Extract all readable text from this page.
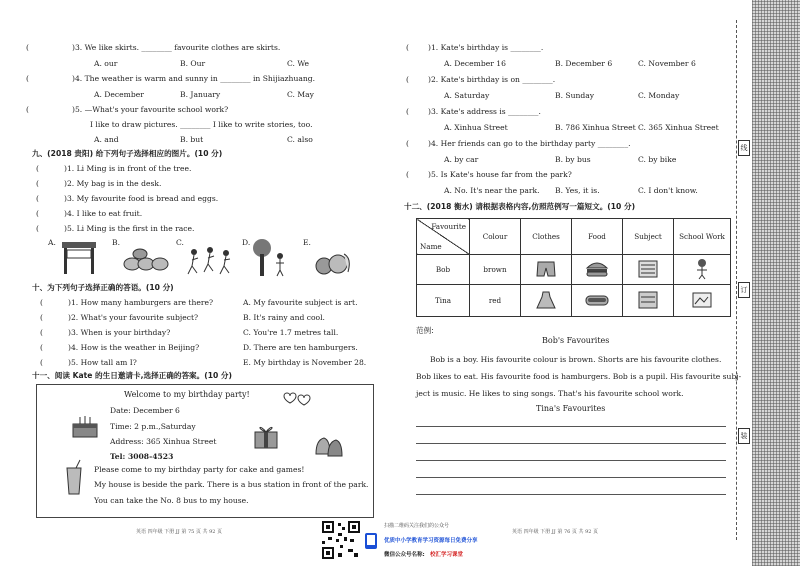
(	)3. We like skirts. ________ favourite clothes are skirts.
A. our	B. Our	C. We
(	)4. The weather is warm and sunny in ________ in Shijiazhuang.
A. December	B. January	C. May
(	)5. —What's your favourite school work?
I like to draw pictures. ________ I like to write stories, too.
A. and	B. but	C. also
九、(2018 贵阳) 给下列句子选择相应的图片。(10 分)
(	)1. Li Ming is in front of the tree.
(	)2. My bag is in the desk.
(	)3. My favourite food is bread and eggs.
(	)4. I like to eat fruit.
(	)5. Li Ming is the first in the race.
A.	B.	C.	D.	E.
十、为下列句子选择正确的答语。(10 分)
(	)1. How many hamburgers are there?	A. My favourite subject is art.
(	)2. What's your favourite subject?	B. It's rainy and cool.
(	)3. When is your birthday?	C. You're 1.7 metres tall.
(	)4. How is the weather in Beijing?	D. There are ten hamburgers.
(	)5. How tall am I?	E. My birthday is November 28.
十一、阅读 Kate 的生日邀请卡,选择正确的答案。(10 分)
Welcome to my birthday party!
Date: December 6
Time: 2 p.m.,Saturday
Address: 365 Xinhua Street
Tel: 3008-4523
Please come to my birthday party for cake and games!
My house is beside the park. There is a bus station in front of the park.
You can take the No. 8 bus to my house.
英语 四年级 下册 JJ 第 75 页 共 92 页
扫描二维码关注我们的公众号
优质中小学教育学习资源每日免费分享
微信公众号名称: 校汇学习课堂
(	)1. Kate's birthday is ________.
A. December 16	B. December 6	C. November 6
(	)2. Kate's birthday is on ________.
A. Saturday	B. Sunday	C. Monday
(	)3. Kate's address is ________.
A. Xinhua Street	B. 786 Xinhua Street C. 365 Xinhua Street
(	)4. Her friends can go to the birthday party ________.
A. by car	B. by bus	C. by bike
(	)5. Is Kate's house far from the park?
A. No. It's near the park. B. Yes, it is.	C. I don't know.
十二、(2018 衡水) 请根据表格内容,仿照范例写一篇短文。(10 分)
Favourite
Name	Colour	Clothes	Food	Subject	School Work
Bob	brown				
Tina	red				
范例:
Bob's Favourites
Bob is a boy. His favourite colour is brown. Shorts are his favourite clothes.
Bob likes to eat. His favourite food is hamburgers. Bob is a pupil. His favourite subj-
ject is music. He likes to sing songs. That's his favourite school work.
Tina's Favourites
英语 四年级 下册 JJ 第 76 页 共 92 页
线
订
装
